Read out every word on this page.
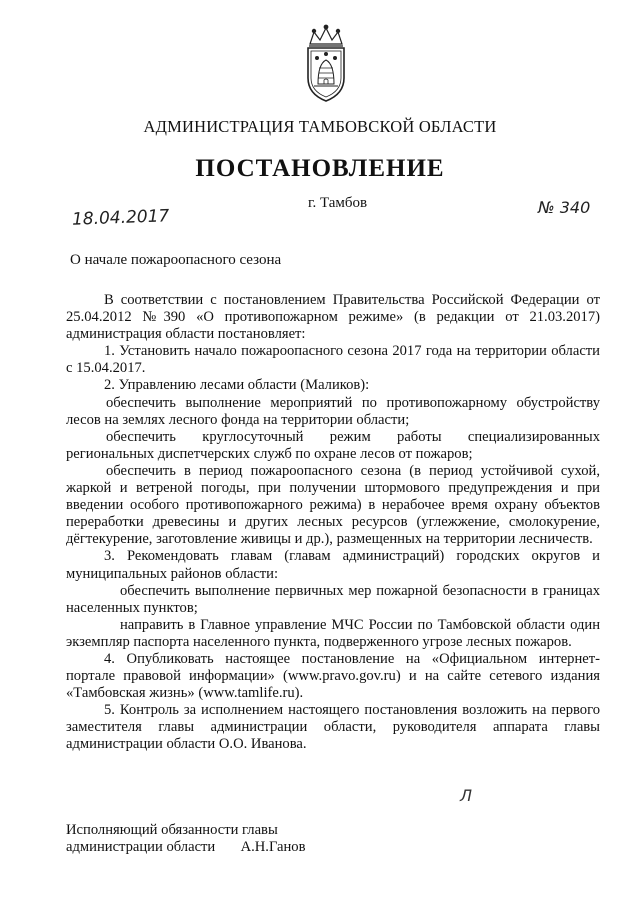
АДМИНИСТРАЦИЯ ТАМБОВСКОЙ ОБЛАСТИ
ПОСТАНОВЛЕНИЕ
18.04.2017
г. Тамбов	№ 340
О начале пожароопасного сезона

В соответствии с постановлением Правительства Российской Федерации от 25.04.2012 №390 «О противопожарном режиме» (в редакции от 21.03.2017) администрация области постановляет:

1. Установить начало пожароопасного сезона 2017 года на территории области с 15.04.2017.

2. Управлению лесами области (Маликов):

обеспечить выполнение мероприятий по противопожарному обустройству лесов на землях лесного фонда на территории области;

обеспечить круглосуточный режим работы специализированных региональных диспетчерских служб по охране лесов от пожаров;

обеспечить в период пожароопасного сезона (в период устойчивой сухой, жаркой и ветреной погоды, при получении штормового предупреждения и при введении особого противопожарного режима) в нерабочее время охрану объектов переработки древесины и других лесных ресурсов (углежжение, смолокурение, дёгтекурение, заготовление живицы и др.), размещенных на территории лесничеств.

3. Рекомендовать главам (главам администраций) городских округов и муниципальных районов области:

обеспечить выполнение первичных мер пожарной безопасности в границах населенных пунктов;

направить в Главное управление МЧС России по Тамбовской области один экземпляр паспорта населенного пункта, подверженного угрозе лесных пожаров.

4. Опубликовать настоящее постановление на «Официальном интернет-портале правовой информации» (www.pravo.gov.ru) и на сайте сетевого издания «Тамбовская жизнь» (www.tamlife.ru).

5. Контроль за исполнением настоящего постановления возложить на первого заместителя главы администрации области, руководителя аппарата главы администрации области О.О. Иванова.

Л
Исполняющий обязанности главы
администрации области А.Н.Ганов
